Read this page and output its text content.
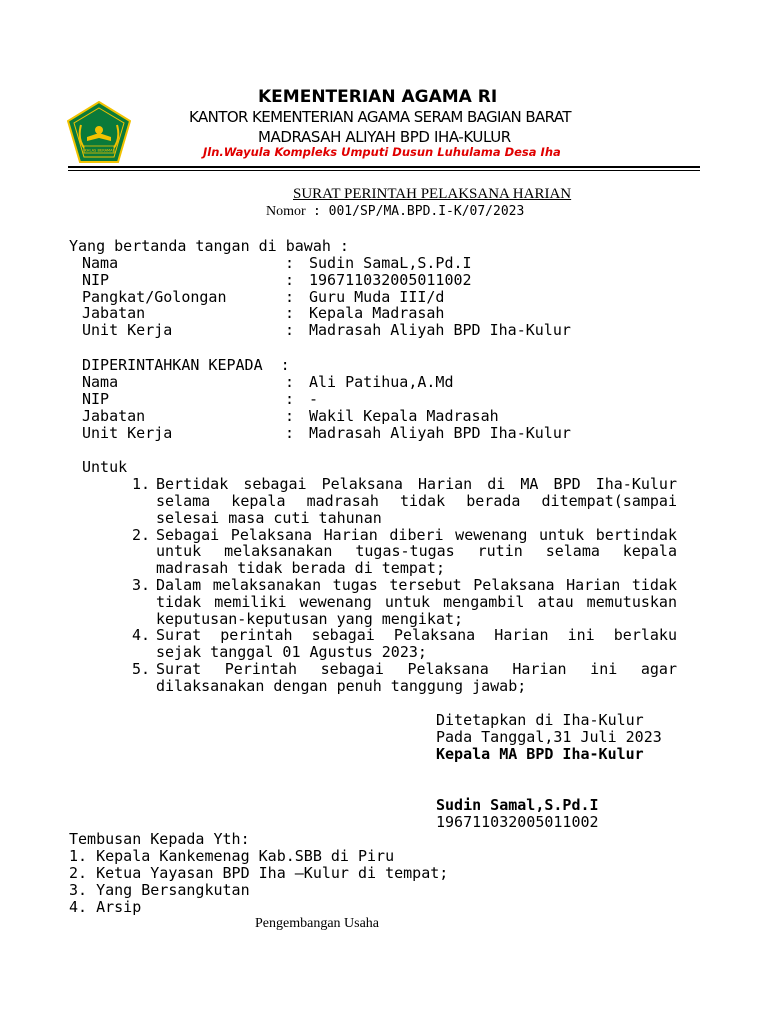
IKHLAS BERAMAL
KEMENTERIAN AGAMA RI
KANTOR KEMENTERIAN AGAMA SERAM BAGIAN BARAT
MADRASAH ALIYAH BPD IHA-KULUR
Jln.Wayula Kompleks Umputi Dusun Luhulama Desa Iha
SURAT PERINTAH PELAKSANA HARIAN
Nomor : 001/SP/MA.BPD.I-K/07/2023
Yang bertanda tangan di bawah :
Nama	: Sudin SamaL,S.Pd.I
NIP	: 196711032005011002
Pangkat/Golongan	: Guru Muda III/d
Jabatan	: Kepala Madrasah
Unit Kerja	: Madrasah Aliyah BPD Iha-Kulur
DIPERINTAHKAN KEPADA  :
Nama	: Ali Patihua,A.Md
NIP	: -
Jabatan	: Wakil Kepala Madrasah
Unit Kerja	: Madrasah Aliyah BPD Iha-Kulur
Untuk
1. Bertidak sebagai Pelaksana Harian di MA BPD Iha-Kulur
selama kepala madrasah tidak berada ditempat(sampai
selesai masa cuti tahunan
2. Sebagai Pelaksana Harian diberi wewenang untuk bertindak
untuk melaksanakan tugas-tugas rutin selama kepala
madrasah tidak berada di tempat;
3. Dalam melaksanakan tugas tersebut Pelaksana Harian tidak
tidak memiliki wewenang untuk mengambil atau memutuskan
keputusan-keputusan yang mengikat;
4. Surat perintah sebagai Pelaksana Harian ini berlaku
sejak tanggal 01 Agustus 2023;
5. Surat Perintah sebagai Pelaksana Harian ini agar
dilaksanakan dengan penuh tanggung jawab;
Ditetapkan di Iha-Kulur
Pada Tanggal,31 Juli 2023
Kepala MA BPD Iha-Kulur
Sudin Samal,S.Pd.I
196711032005011002
Tembusan Kepada Yth:
1. Kepala Kankemenag Kab.SBB di Piru
2. Ketua Yayasan BPD Iha –Kulur di tempat;
3. Yang Bersangkutan
4. Arsip
Pengembangan Usaha
